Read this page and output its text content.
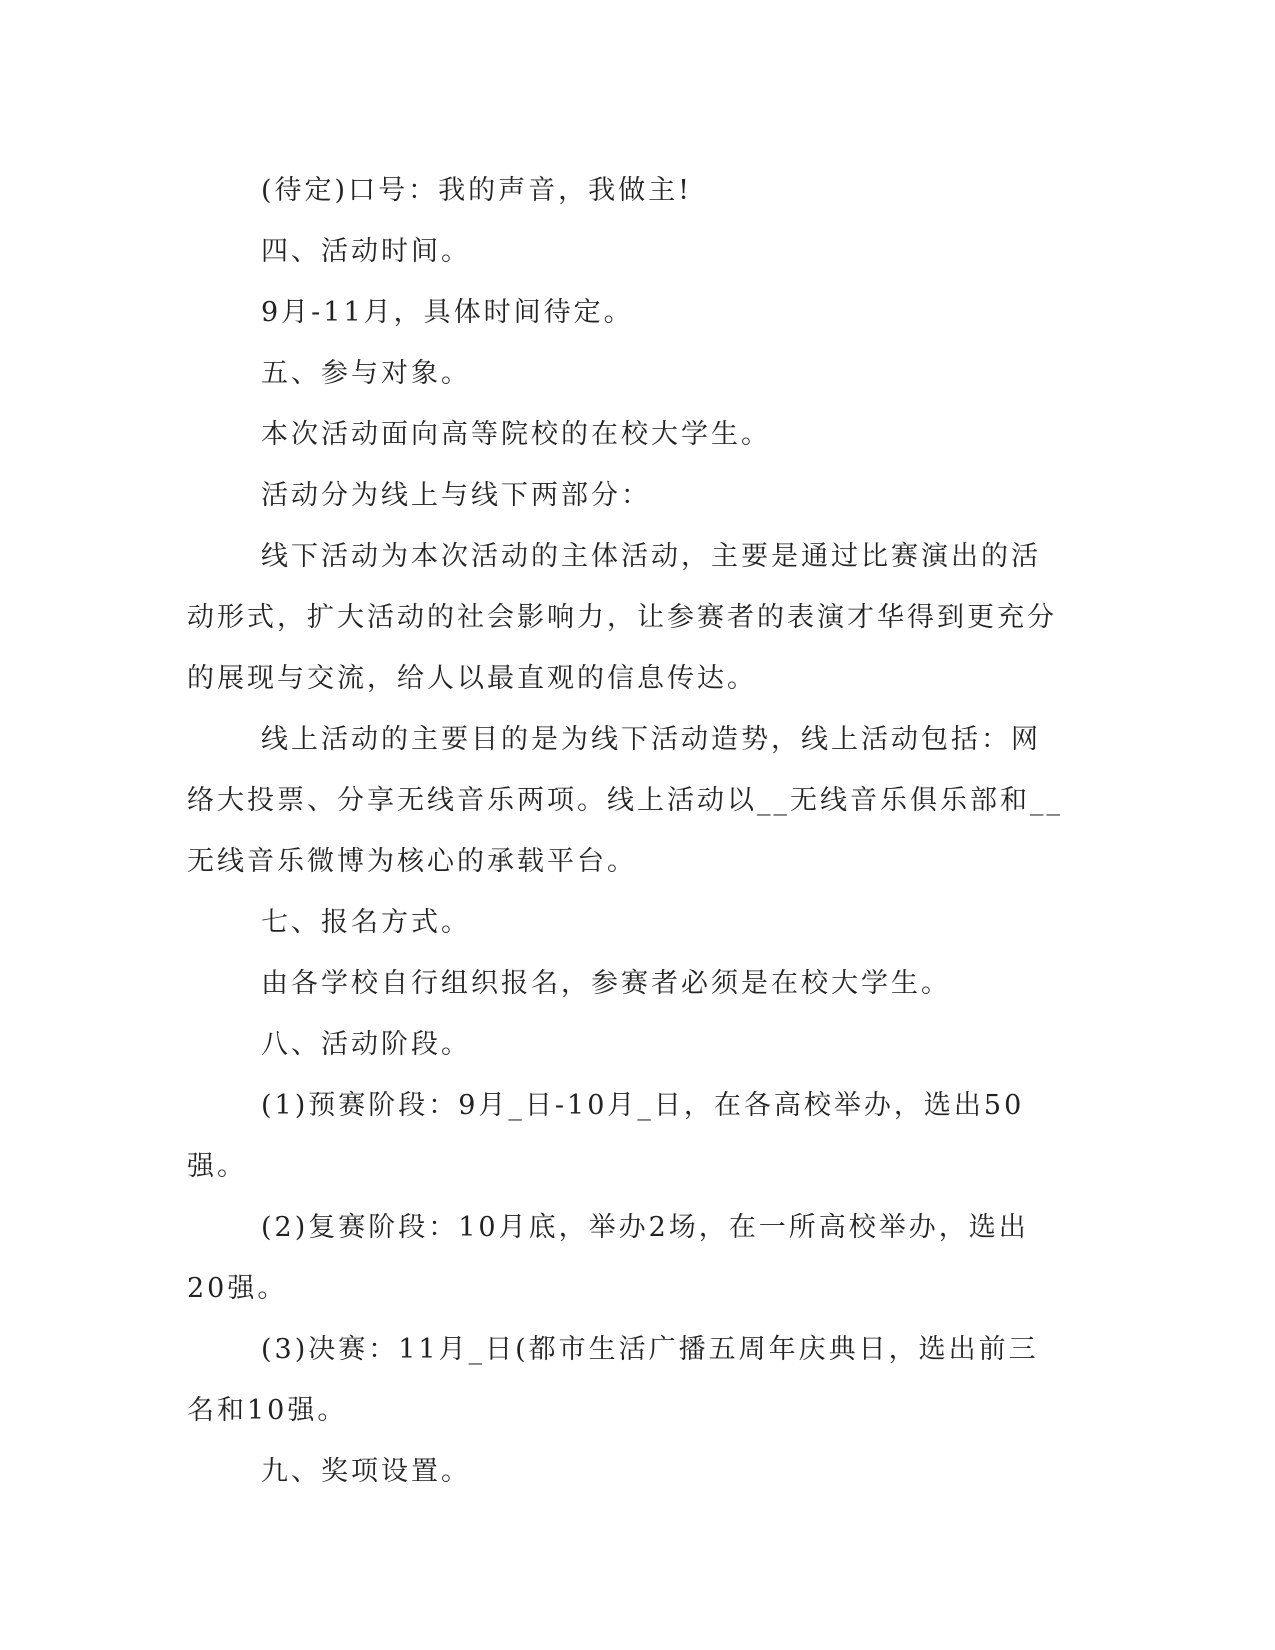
(待定)口号：我的声音，我做主!

四、活动时间。

9月-11月，具体时间待定。

五、参与对象。

本次活动面向高等院校的在校大学生。

活动分为线上与线下两部分：

线下活动为本次活动的主体活动，主要是通过比赛演出的活动形式，扩大活动的社会影响力，让参赛者的表演才华得到更充分的展现与交流，给人以最直观的信息传达。

线上活动的主要目的是为线下活动造势，线上活动包括：网络大投票、分享无线音乐两项。线上活动以__无线音乐俱乐部和__无线音乐微博为核心的承载平台。

七、报名方式。

由各学校自行组织报名，参赛者必须是在校大学生。

八、活动阶段。

(1)预赛阶段：9月_日-10月_日，在各高校举办，选出50强。

(2)复赛阶段：10月底，举办2场，在一所高校举办，选出20强。

(3)决赛：11月_日(都市生活广播五周年庆典日，选出前三名和10强。

九、奖项设置。
